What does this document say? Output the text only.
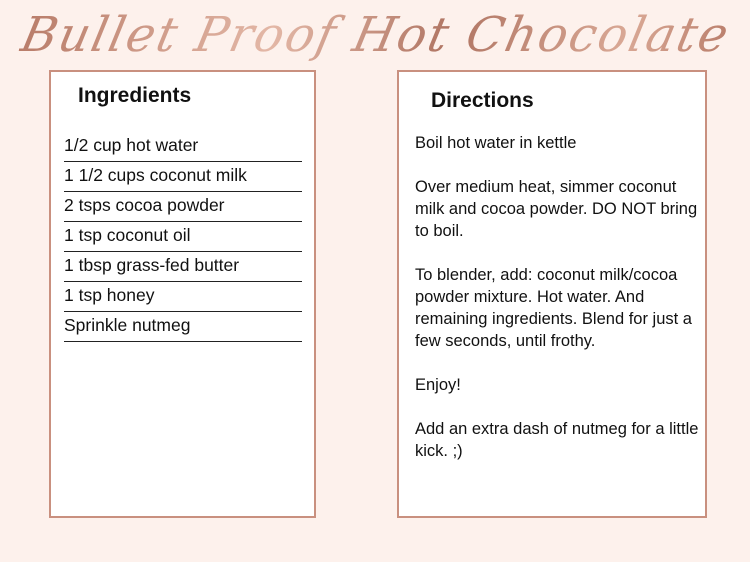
Bullet Proof Hot Chocolate
Ingredients
1/2 cup hot water
1 1/2 cups coconut milk
2 tsps cocoa powder
1 tsp coconut oil
1 tbsp grass-fed butter
1 tsp honey
Sprinkle nutmeg
Directions

Boil hot water in kettle

Over medium heat, simmer coconut milk and cocoa powder. DO NOT bring to boil.

To blender, add: coconut milk/cocoa powder mixture. Hot water. And remaining ingredients. Blend for just a few seconds, until frothy.

Enjoy!

Add an extra dash of nutmeg for a little kick. ;)
